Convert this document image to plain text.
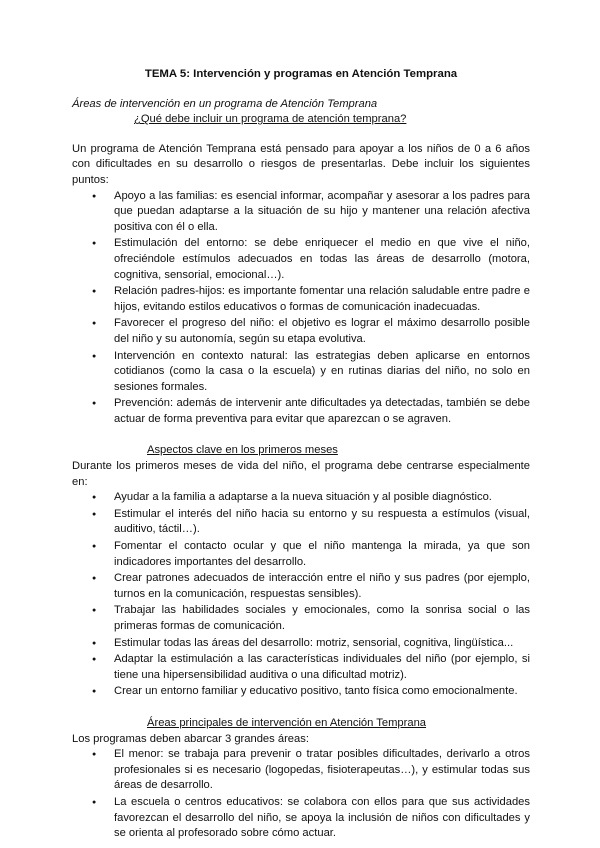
TEMA 5: Intervención y programas en Atención Temprana
Áreas de intervención en un programa de Atención Temprana
¿Qué debe incluir un programa de atención temprana?

Un programa de Atención Temprana está pensado para apoyar a los niños de 0 a 6 años con dificultades en su desarrollo o riesgos de presentarlas. Debe incluir los siguientes puntos:

● Apoyo a las familias: es esencial informar, acompañar y asesorar a los padres para que puedan adaptarse a la situación de su hijo y mantener una relación afectiva positiva con él o ella.
● Estimulación del entorno: se debe enriquecer el medio en que vive el niño, ofreciéndole estímulos adecuados en todas las áreas de desarrollo (motora, cognitiva, sensorial, emocional…).
● Relación padres-hijos: es importante fomentar una relación saludable entre padre e hijos, evitando estilos educativos o formas de comunicación inadecuadas.
● Favorecer el progreso del niño: el objetivo es lograr el máximo desarrollo posible del niño y su autonomía, según su etapa evolutiva.
● Intervención en contexto natural: las estrategias deben aplicarse en entornos cotidianos (como la casa o la escuela) y en rutinas diarias del niño, no solo en sesiones formales.
● Prevención: además de intervenir ante dificultades ya detectadas, también se debe actuar de forma preventiva para evitar que aparezcan o se agraven.
Aspectos clave en los primeros meses

Durante los primeros meses de vida del niño, el programa debe centrarse especialmente en:

● Ayudar a la familia a adaptarse a la nueva situación y al posible diagnóstico.
● Estimular el interés del niño hacia su entorno y su respuesta a estímulos (visual, auditivo, táctil…).
● Fomentar el contacto ocular y que el niño mantenga la mirada, ya que son indicadores importantes del desarrollo.
● Crear patrones adecuados de interacción entre el niño y sus padres (por ejemplo, turnos en la comunicación, respuestas sensibles).
● Trabajar las habilidades sociales y emocionales, como la sonrisa social o las primeras formas de comunicación.
● Estimular todas las áreas del desarrollo: motriz, sensorial, cognitiva, lingüística...
● Adaptar la estimulación a las características individuales del niño (por ejemplo, si tiene una hipersensibilidad auditiva o una dificultad motriz).
● Crear un entorno familiar y educativo positivo, tanto física como emocionalmente.
Áreas principales de intervención en Atención Temprana

Los programas deben abarcar 3 grandes áreas:

● El menor: se trabaja para prevenir o tratar posibles dificultades, derivarlo a otros profesionales si es necesario (logopedas, fisioterapeutas…), y estimular todas sus áreas de desarrollo.
● La escuela o centros educativos: se colabora con ellos para que sus actividades favorezcan el desarrollo del niño, se apoya la inclusión de niños con dificultades y se orienta al profesorado sobre cómo actuar.
